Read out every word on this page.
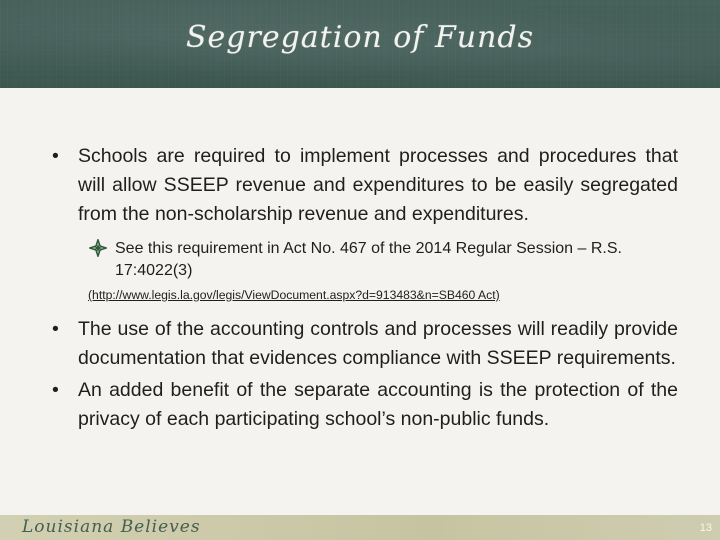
Segregation of Funds

• Schools are required to implement processes and procedures that will allow SSEEP revenue and expenditures to be easily segregated from the non-scholarship revenue and expenditures.

See this requirement in Act No. 467 of the 2014 Regular Session – R.S. 17:4022(3)
(http://www.legis.la.gov/legis/ViewDocument.aspx?d=913483&n=SB460 Act)

• The use of the accounting controls and processes will readily provide documentation that evidences compliance with SSEEP requirements.

• An added benefit of the separate accounting is the protection of the privacy of each participating school’s non-public funds.

Louisiana Believes	13
